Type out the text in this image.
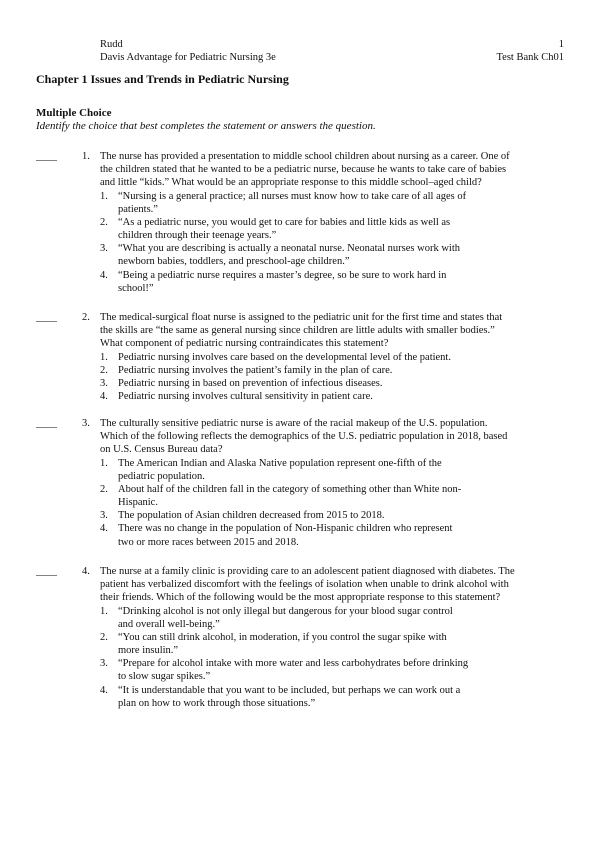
Rudd	1
Davis Advantage for Pediatric Nursing 3e	Test Bank Ch01
Chapter 1 Issues and Trends in Pediatric Nursing
Multiple Choice
Identify the choice that best completes the statement or answers the question.
____ 1. The nurse has provided a presentation to middle school children about nursing as a career. One of
the children stated that he wanted to be a pediatric nurse, because he wants to take care of babies
and little “kids.” What would be an appropriate response to this middle school–aged child?
1. “Nursing is a general practice; all nurses must know how to take care of all ages of
patients.”
2. “As a pediatric nurse, you would get to care for babies and little kids as well as
children through their teenage years.”
3. “What you are describing is actually a neonatal nurse. Neonatal nurses work with
newborn babies, toddlers, and preschool-age children.”
4. “Being a pediatric nurse requires a master’s degree, so be sure to work hard in
school!”
____ 2. The medical-surgical float nurse is assigned to the pediatric unit for the first time and states that
the skills are “the same as general nursing since children are little adults with smaller bodies.”
What component of pediatric nursing contraindicates this statement?
1. Pediatric nursing involves care based on the developmental level of the patient.
2. Pediatric nursing involves the patient’s family in the plan of care.
3. Pediatric nursing in based on prevention of infectious diseases.
4. Pediatric nursing involves cultural sensitivity in patient care.
____ 3. The culturally sensitive pediatric nurse is aware of the racial makeup of the U.S. population.
Which of the following reflects the demographics of the U.S. pediatric population in 2018, based
on U.S. Census Bureau data?
1. The American Indian and Alaska Native population represent one-fifth of the
pediatric population.
2. About half of the children fall in the category of something other than White non-
Hispanic.
3. The population of Asian children decreased from 2015 to 2018.
4. There was no change in the population of Non-Hispanic children who represent
two or more races between 2015 and 2018.
____ 4. The nurse at a family clinic is providing care to an adolescent patient diagnosed with diabetes. The
patient has verbalized discomfort with the feelings of isolation when unable to drink alcohol with
their friends. Which of the following would be the most appropriate response to this statement?
1. “Drinking alcohol is not only illegal but dangerous for your blood sugar control
and overall well-being.”
2. “You can still drink alcohol, in moderation, if you control the sugar spike with
more insulin.”
3. “Prepare for alcohol intake with more water and less carbohydrates before drinking
to slow sugar spikes.”
4. “It is understandable that you want to be included, but perhaps we can work out a
plan on how to work through those situations.”
